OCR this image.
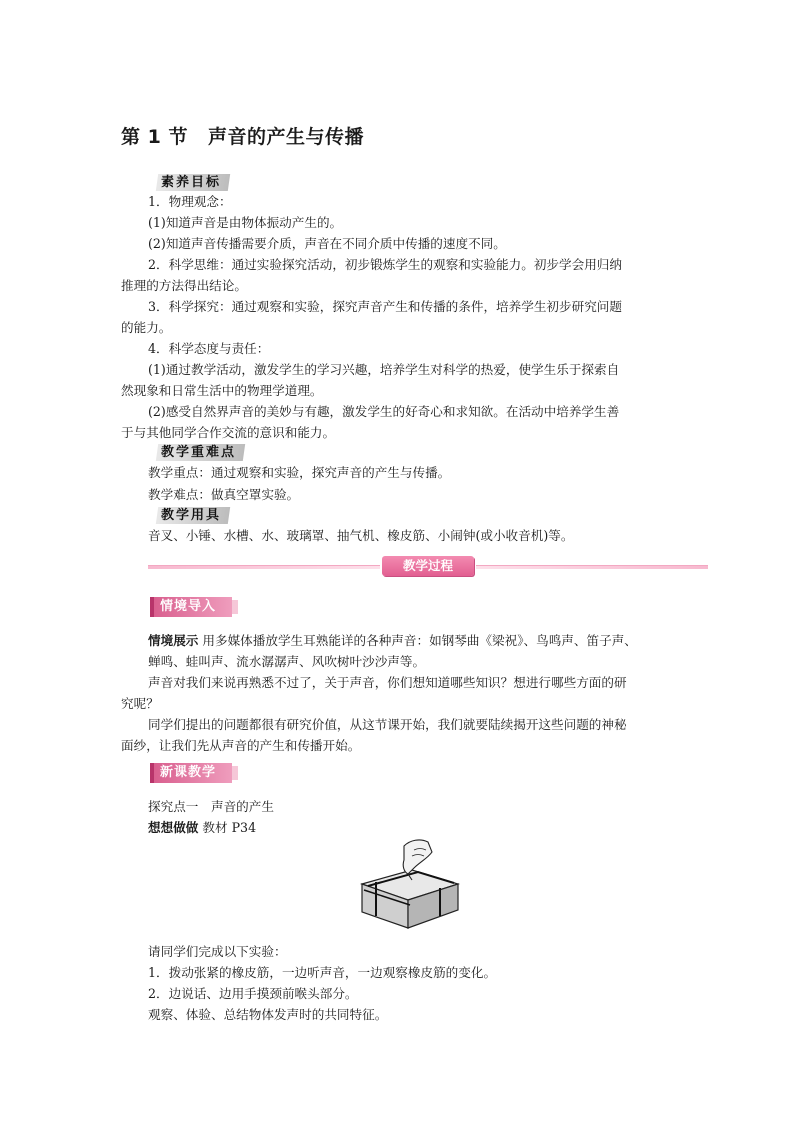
第 1 节 声音的产生与传播
素养目标
1．物理观念：
(1)知道声音是由物体振动产生的。
(2)知道声音传播需要介质，声音在不同介质中传播的速度不同。
2．科学思维：通过实验探究活动，初步锻炼学生的观察和实验能力。初步学会用归纳
推理的方法得出结论。
3．科学探究：通过观察和实验，探究声音产生和传播的条件，培养学生初步研究问题
的能力。
4．科学态度与责任：
(1)通过教学活动，激发学生的学习兴趣，培养学生对科学的热爱，使学生乐于探索自
然现象和日常生活中的物理学道理。
(2)感受自然界声音的美妙与有趣，激发学生的好奇心和求知欲。在活动中培养学生善
于与其他同学合作交流的意识和能力。
教学重难点
教学重点：通过观察和实验，探究声音的产生与传播。
教学难点：做真空罩实验。
教学用具
音叉、小锤、水槽、水、玻璃罩、抽气机、橡皮筋、小闹钟(或小收音机)等。
教学过程
情境导入
情境展示 用多媒体播放学生耳熟能详的各种声音：如钢琴曲《梁祝》、鸟鸣声、笛子声、
蝉鸣、蛙叫声、流水潺潺声、风吹树叶沙沙声等。
声音对我们来说再熟悉不过了，关于声音，你们想知道哪些知识？想进行哪些方面的研
究呢？
同学们提出的问题都很有研究价值，从这节课开始，我们就要陆续揭开这些问题的神秘
面纱，让我们先从声音的产生和传播开始。
新课教学
探究点一　声音的产生
想想做做 教材 P34
请同学们完成以下实验：
1．拨动张紧的橡皮筋，一边听声音，一边观察橡皮筋的变化。
2．边说话、边用手摸颈前喉头部分。
观察、体验、总结物体发声时的共同特征。
